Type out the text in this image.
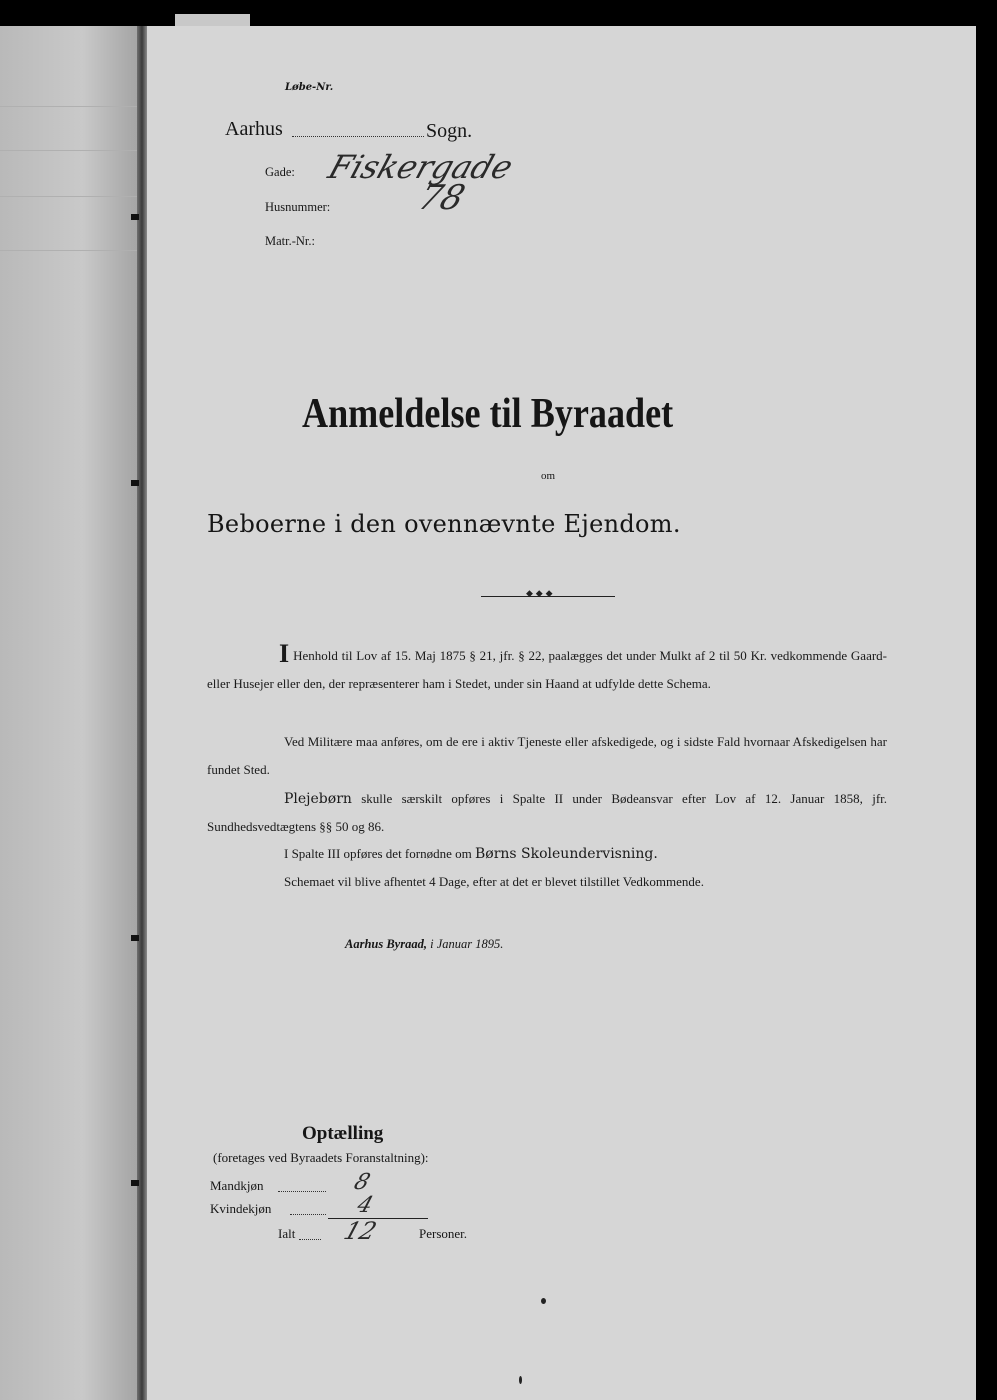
Løbe-Nr.
Aarhus	Sogn.
Gade: Fiskergade
Husnummer: 78
Matr.-Nr.:
Anmeldelse til Byraadet
om
Beboerne i den ovennævnte Ejendom.
◆ ◆ ◆
I Henhold til Lov af 15. Maj 1875 § 21, jfr. § 22, paalægges det under Mulkt af 2 til 50 Kr. vedkommende Gaard- eller Husejer eller den, der repræsenterer ham i Stedet, under sin Haand at udfylde dette Schema.
Ved Militære maa anføres, om de ere i aktiv Tjeneste eller afskedigede, og i sidste Fald hvornaar Afskedigelsen har fundet Sted.
Plejebørn skulle særskilt opføres i Spalte II under Bødeansvar efter Lov af 12. Januar 1858, jfr. Sundhedsvedtægtens §§ 50 og 86.
I Spalte III opføres det fornødne om Børns Skoleundervisning.
Schemaet vil blive afhentet 4 Dage, efter at det er blevet tilstillet Vedkommende.
Aarhus Byraad, i Januar 1895.
Optælling
(foretages ved Byraadets Foranstaltning):
Mandkjøn	8
Kvindekjøn	4
Ialt 12	Personer.
